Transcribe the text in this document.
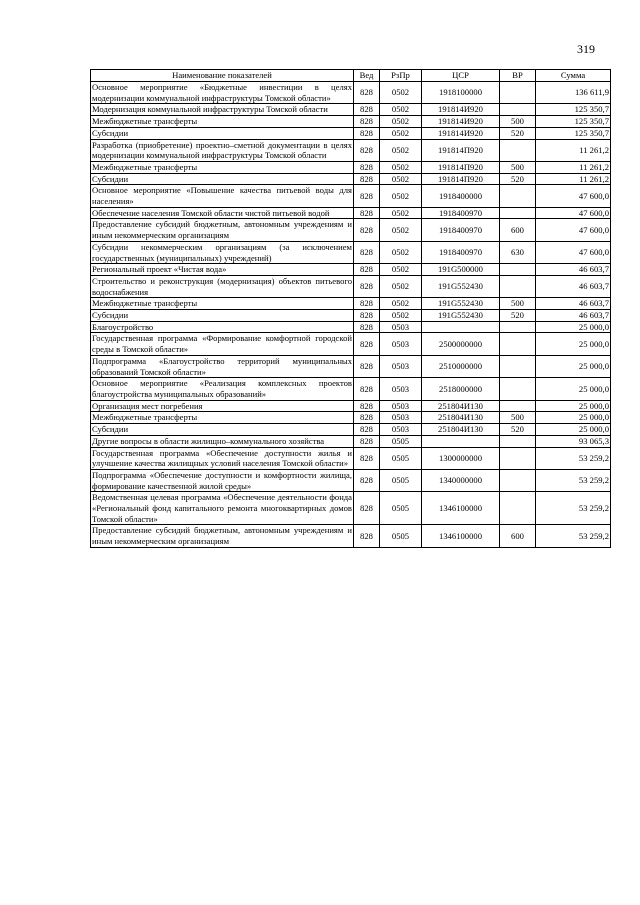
319
Наименование показателей	Вед	РзПр	ЦСР	ВР	Сумма
Основное мероприятие «Бюджетные инвестиции в целях модернизации коммунальной инфраструктуры Томской области»	828	0502	1918100000		136 611,9
Модернизация коммунальной инфраструктуры Томской области	828	0502	191814И920		125 350,7
Межбюджетные трансферты	828	0502	191814И920	500	125 350,7
Субсидии	828	0502	191814И920	520	125 350,7
Разработка (приобретение) проектно–сметной документации в целях модернизации коммунальной инфраструктуры Томской области	828	0502	191814П920		11 261,2
Межбюджетные трансферты	828	0502	191814П920	500	11 261,2
Субсидии	828	0502	191814П920	520	11 261,2
Основное мероприятие «Повышение качества питьевой воды для населения»	828	0502	1918400000		47 600,0
Обеспечение населения Томской области чистой питьевой водой	828	0502	1918400970		47 600,0
Предоставление субсидий бюджетным, автономным учреждениям и иным некоммерческим организациям	828	0502	1918400970	600	47 600,0
Субсидии некоммерческим организациям (за исключением государственных (муниципальных) учреждений)	828	0502	1918400970	630	47 600,0
Региональный проект «Чистая вода»	828	0502	191G500000		46 603,7
Строительство и реконструкция (модернизация) объектов питьевого водоснабжения	828	0502	191G552430		46 603,7
Межбюджетные трансферты	828	0502	191G552430	500	46 603,7
Субсидии	828	0502	191G552430	520	46 603,7
Благоустройство	828	0503			25 000,0
Государственная программа «Формирование комфортной городской среды в Томской области»	828	0503	2500000000		25 000,0
Подпрограмма «Благоустройство территорий муниципальных образований Томской области»	828	0503	2510000000		25 000,0
Основное мероприятие «Реализация комплексных проектов благоустройства муниципальных образований»	828	0503	2518000000		25 000,0
Организация мест погребения	828	0503	251804И130		25 000,0
Межбюджетные трансферты	828	0503	251804И130	500	25 000,0
Субсидии	828	0503	251804И130	520	25 000,0
Другие вопросы в области жилищно–коммунального хозяйства	828	0505			93 065,3
Государственная программа «Обеспечение доступности жилья и улучшение качества жилищных условий населения Томской области»	828	0505	1300000000		53 259,2
Подпрограмма «Обеспечение доступности и комфортности жилища, формирование качественной жилой среды»	828	0505	1340000000		53 259,2
Ведомственная целевая программа «Обеспечение деятельности фонда «Региональный фонд капитального ремонта многоквартирных домов Томской области»	828	0505	1346100000		53 259,2
Предоставление субсидий бюджетным, автономным учреждениям и иным некоммерческим организациям	828	0505	1346100000	600	53 259,2
